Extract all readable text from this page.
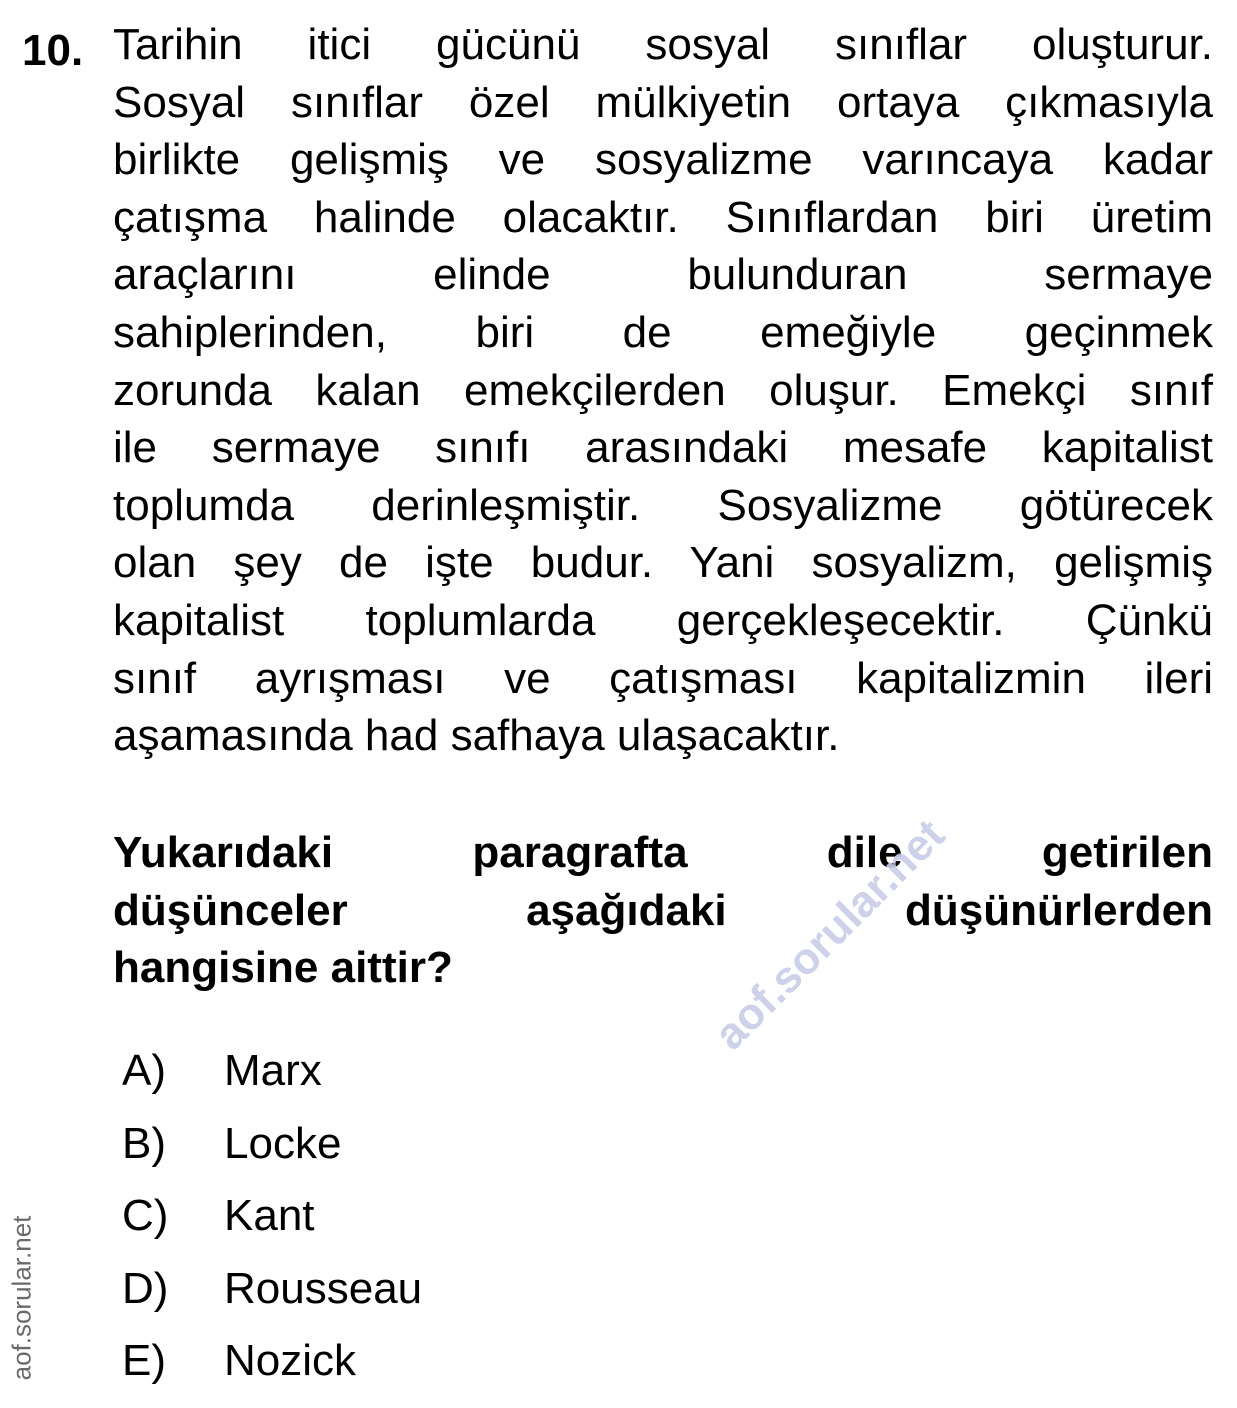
10. Tarihin itici gücünü sosyal sınıflar oluşturur.
Sosyal sınıflar özel mülkiyetin ortaya çıkmasıyla
birlikte gelişmiş ve sosyalizme varıncaya kadar
çatışma halinde olacaktır. Sınıflardan biri üretim
araçlarını elinde bulunduran sermaye
sahiplerinden, biri de emeğiyle geçinmek
zorunda kalan emekçilerden oluşur. Emekçi sınıf
ile sermaye sınıfı arasındaki mesafe kapitalist
toplumda derinleşmiştir. Sosyalizme götürecek
olan şey de işte budur. Yani sosyalizm, gelişmiş
kapitalist toplumlarda gerçekleşecektir. Çünkü
sınıf ayrışması ve çatışması kapitalizmin ileri
aşamasında had safhaya ulaşacaktır.
Yukarıdaki paragrafta dile getirilen
düşünceler aşağıdaki düşünürlerden
hangisine aittir?
A) Marx
B) Locke
C) Kant
D) Rousseau
E) Nozick
aof.sorular.net
aof.sorular.net
